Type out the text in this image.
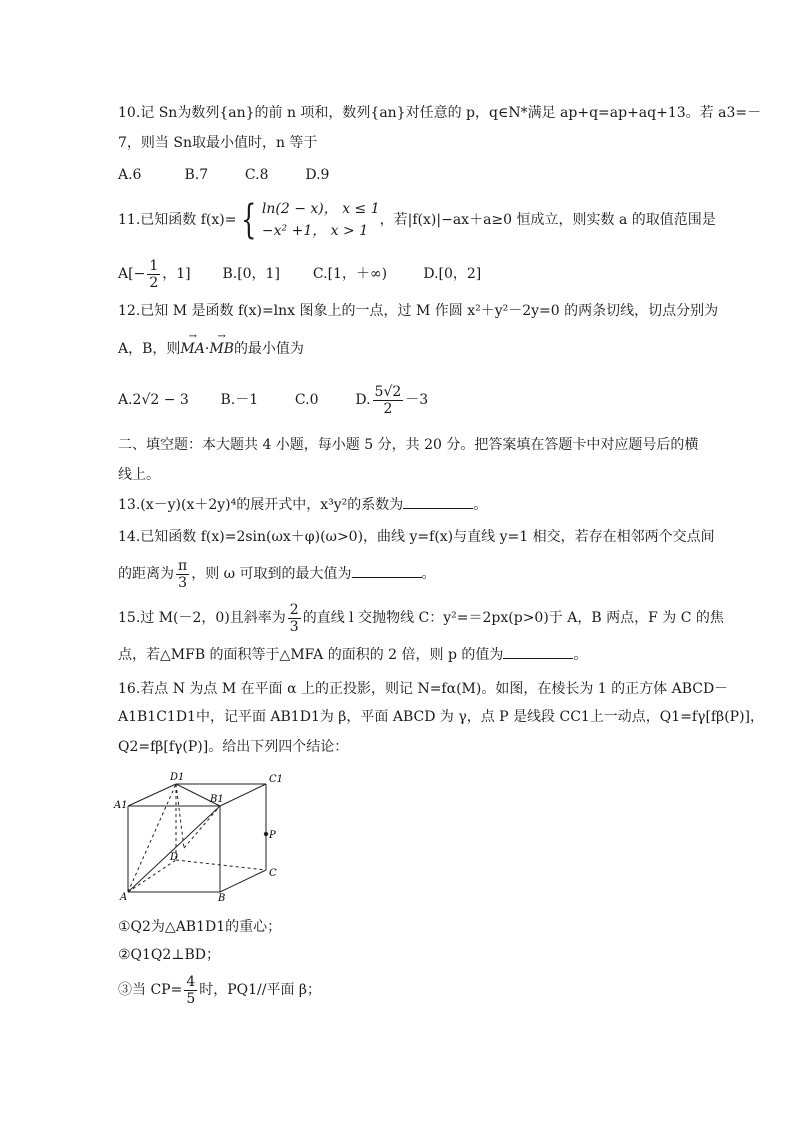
10.记 Sn为数列{an}的前 n 项和，数列{an}对任意的 p，q∈N*满足 ap+q=ap+aq+13。若 a3=－
7，则当 Sn取最小值时，n 等于
A.6	B.7	C.8	D.9
11.已知函数 f(x)= { ln(2 − x)， x ≤ 1
−x² +1， x > 1
，若|f(x)|−ax＋a≥0 恒成立，则实数 a 的取值范围是
$A[- \frac{1}{2}$ ，1] B.[0，1] C.[1，＋∞)	D.[0，2]
12.已知 M 是函数 f(x)=lnx 图象上的一点，过 M 作圆 x²＋y²－2y=0 的两条切线，切点分别为
A，B，则→ MA·→ MB的最小值为
A.2√2 − 3 B.－1	C.0	D. $\frac{5√2}{2} -3$
二、填空题：本大题共 4 小题，每小题 5 分，共 20 分。把答案填在答题卡中对应题号后的横
线上。
13.(x－y)(x＋2y)⁴的展开式中，x³y²的系数为	。
14.已知函数 f(x)=2sin(ωx＋φ)(ω>0)，曲线 y=f(x)与直线 y=1 相交，若存在相邻两个交点间
的距离为 $\frac{\pi}{3}$ ，则 ω 可取到的最大值为	。
15.过 M(－2，0)且斜率为 $\frac{2}{3}$ 的直线 l 交抛物线 C：y²=＝2px(p>0)于 A，B 两点，F 为 C 的焦
点，若△MFB 的面积等于△MFA 的面积的 2 倍，则 p 的值为	。
16.若点 N 为点 M 在平面 α 上的正投影，则记 N=fα(M)。如图，在棱长为 1 的正方体 ABCD－
A1B1C1D1中，记平面 AB1D1为 β，平面 ABCD 为 γ，点 P 是线段 CC1上一动点，Q1=fγ[fβ(P)]，
Q2=fβ[fγ(P)]。给出下列四个结论：
D1	C1
A1
B1
P
D
C
A	B
①Q2为△AB1D1的重心；
②Q1Q2⊥BD；
③当 $CP= \frac{4}{5}$ 时，PQ1//平面 β；
